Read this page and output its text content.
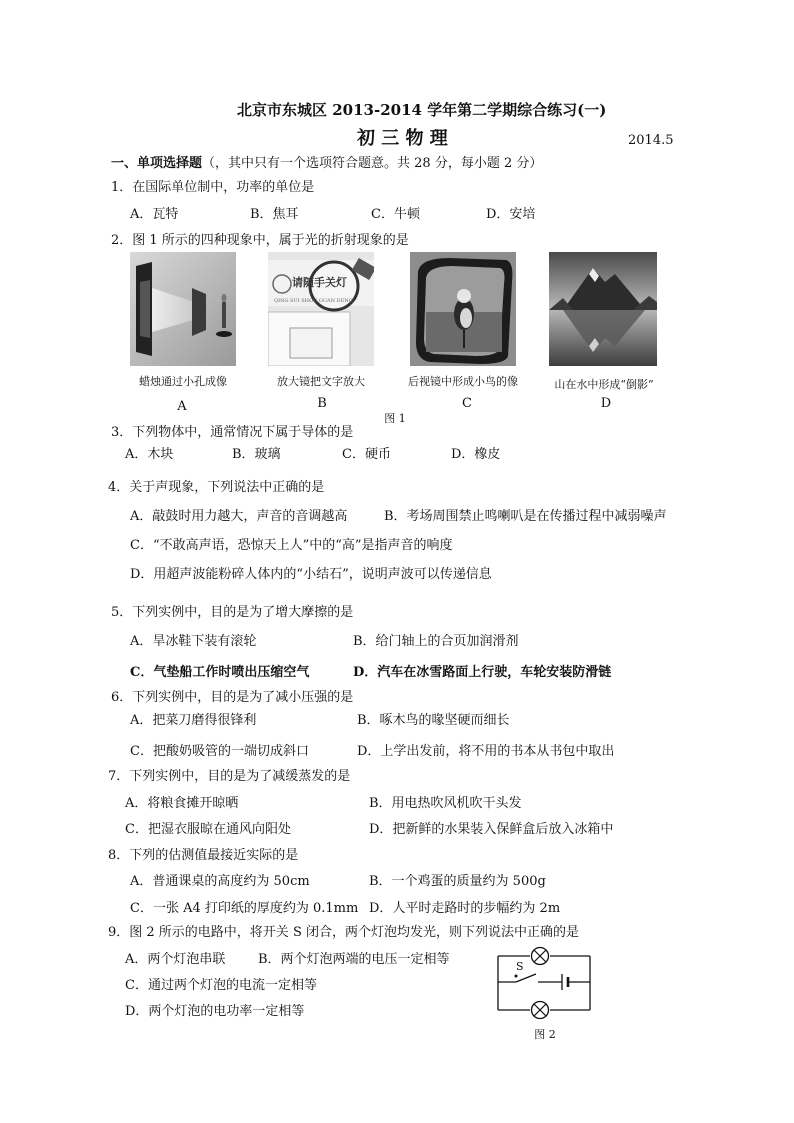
北京市东城区 2013-2014 学年第二学期综合练习(一)
初 三 物 理	2014.5
一、单项选择题（，其中只有一个选项符合题意。共 28 分，每小题 2 分）
1．在国际单位制中，功率的单位是
A．瓦特	B．焦耳	C．牛顿	D．安培
2．图 1 所示的四种现象中，属于光的折射现象的是
蜡烛通过小孔成像
A
请随手关灯
QING SUI SHOU GUAN DENG
放大镜把文字放大
B
后视镜中形成小鸟的像
C
山在水中形成“倒影”
D
图 1
3．下列物体中，通常情况下属于导体的是
A．木块	B．玻璃	C．硬币	D．橡皮
4．关于声现象，下列说法中正确的是
A．敲鼓时用力越大，声音的音调越高	B．考场周围禁止鸣喇叭是在传播过程中减弱噪声
C．“不敢高声语，恐惊天上人”中的“高”是指声音的响度
D．用超声波能粉碎人体内的“小结石”，说明声波可以传递信息
5．下列实例中，目的是为了增大摩擦的是
A．旱冰鞋下装有滚轮	B．给门轴上的合页加润滑剂
C．气垫船工作时喷出压缩空气	D．汽车在冰雪路面上行驶，车轮安装防滑链
6．下列实例中，目的是为了减小压强的是
A．把菜刀磨得很锋利	B．啄木鸟的喙坚硬而细长
C．把酸奶吸管的一端切成斜口	D．上学出发前，将不用的书本从书包中取出
7．下列实例中，目的是为了减缓蒸发的是
A．将粮食摊开晾晒	B．用电热吹风机吹干头发
C．把湿衣服晾在通风向阳处	D．把新鲜的水果装入保鲜盒后放入冰箱中
8．下列的估测值最接近实际的是
A．普通课桌的高度约为 50cm	B．一个鸡蛋的质量约为 500g
C．一张 A4 打印纸的厚度约为 0.1mm D．人平时走路时的步幅约为 2m
9．图 2 所示的电路中，将开关 S 闭合，两个灯泡均发光，则下列说法中正确的是
A．两个灯泡串联	B．两个灯泡两端的电压一定相等
C．通过两个灯泡的电流一定相等
D．两个灯泡的电功率一定相等
S
图 2
